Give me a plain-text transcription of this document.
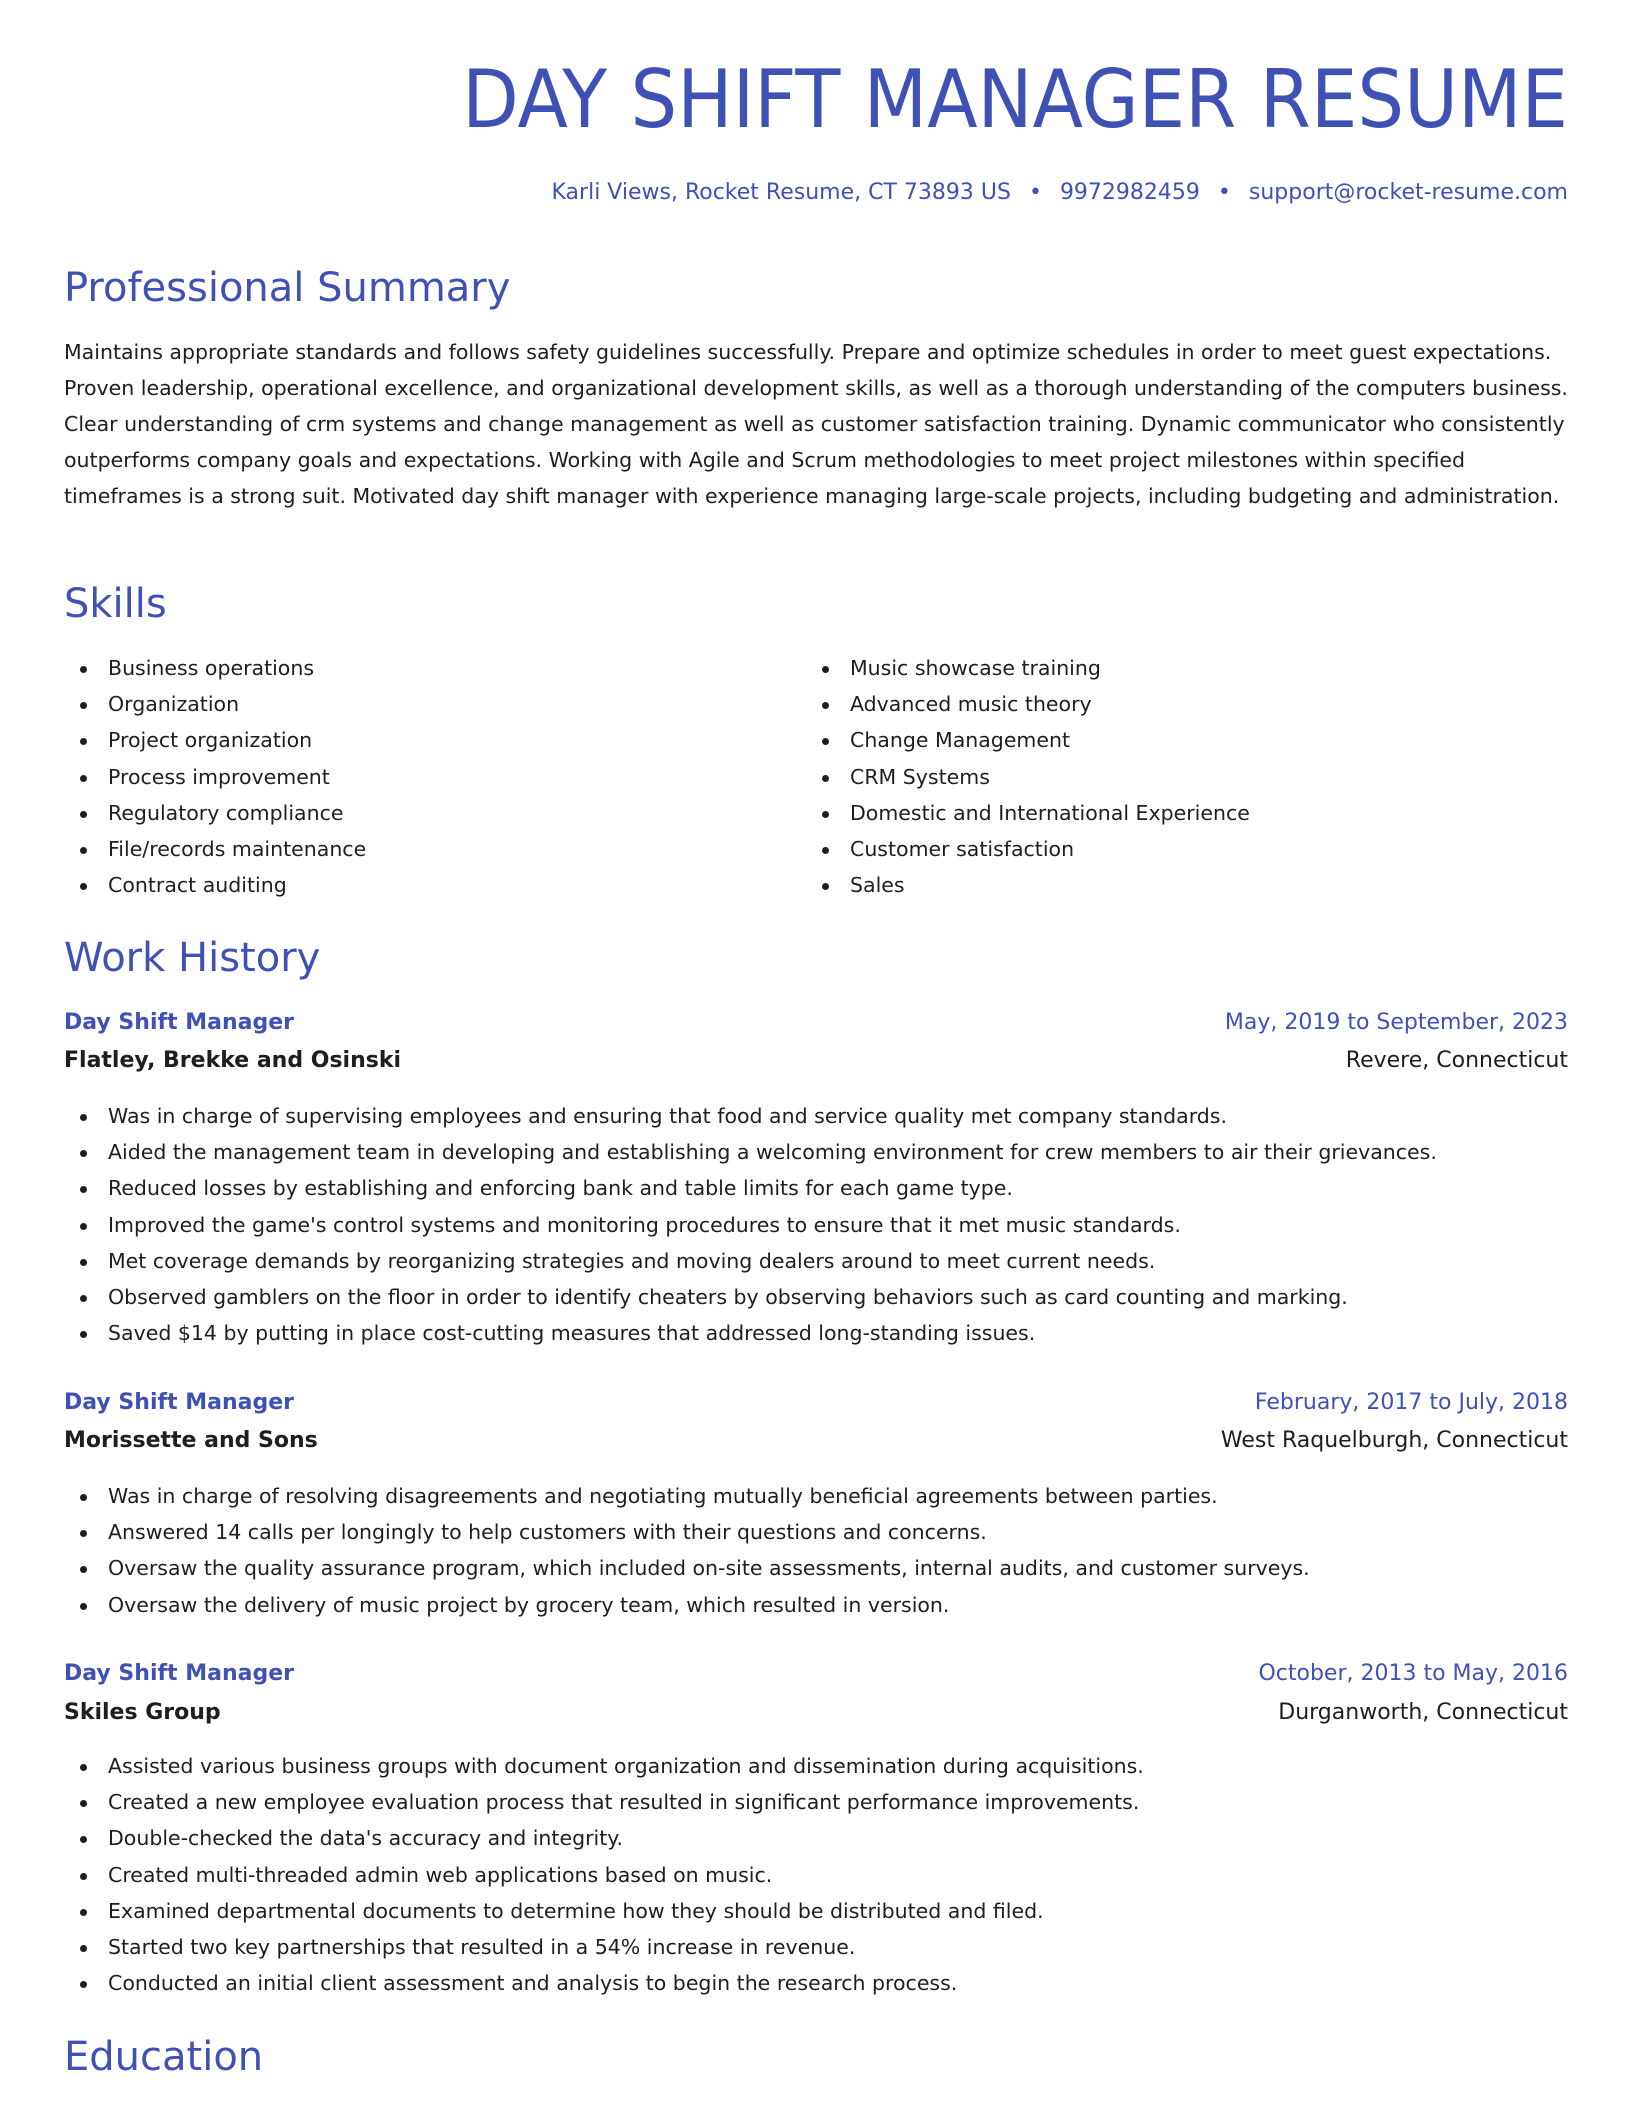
DAY SHIFT MANAGER RESUME
Karli Views, Rocket Resume, CT 73893 US • 9972982459 • support@rocket-resume.com
Professional Summary

Maintains appropriate standards and follows safety guidelines successfully. Prepare and optimize schedules in order to meet guest expectations. Proven leadership, operational excellence, and organizational development skills, as well as a thorough understanding of the computers business. Clear understanding of crm systems and change management as well as customer satisfaction training. Dynamic communicator who consistently outperforms company goals and expectations. Working with Agile and Scrum methodologies to meet project milestones within specified timeframes is a strong suit. Motivated day shift manager with experience managing large-scale projects, including budgeting and administration.

Skills
Business operations
Organization
Project organization
Process improvement
Regulatory compliance
File/records maintenance
Contract auditing
Music showcase training
Advanced music theory
Change Management
CRM Systems
Domestic and International Experience
Customer satisfaction
Sales
Work History
Day Shift Manager	May, 2019 to September, 2023
Flatley, Brekke and Osinski	Revere, Connecticut
Was in charge of supervising employees and ensuring that food and service quality met company standards.
Aided the management team in developing and establishing a welcoming environment for crew members to air their grievances.
Reduced losses by establishing and enforcing bank and table limits for each game type.
Improved the game's control systems and monitoring procedures to ensure that it met music standards.
Met coverage demands by reorganizing strategies and moving dealers around to meet current needs.
Observed gamblers on the floor in order to identify cheaters by observing behaviors such as card counting and marking.
Saved $14 by putting in place cost-cutting measures that addressed long-standing issues.
Day Shift Manager	February, 2017 to July, 2018
Morissette and Sons	West Raquelburgh, Connecticut
Was in charge of resolving disagreements and negotiating mutually beneficial agreements between parties.
Answered 14 calls per longingly to help customers with their questions and concerns.
Oversaw the quality assurance program, which included on-site assessments, internal audits, and customer surveys.
Oversaw the delivery of music project by grocery team, which resulted in version.
Day Shift Manager	October, 2013 to May, 2016
Skiles Group	Durganworth, Connecticut
Assisted various business groups with document organization and dissemination during acquisitions.
Created a new employee evaluation process that resulted in significant performance improvements.
Double-checked the data's accuracy and integrity.
Created multi-threaded admin web applications based on music.
Examined departmental documents to determine how they should be distributed and filed.
Started two key partnerships that resulted in a 54% increase in revenue.
Conducted an initial client assessment and analysis to begin the research process.
Education
